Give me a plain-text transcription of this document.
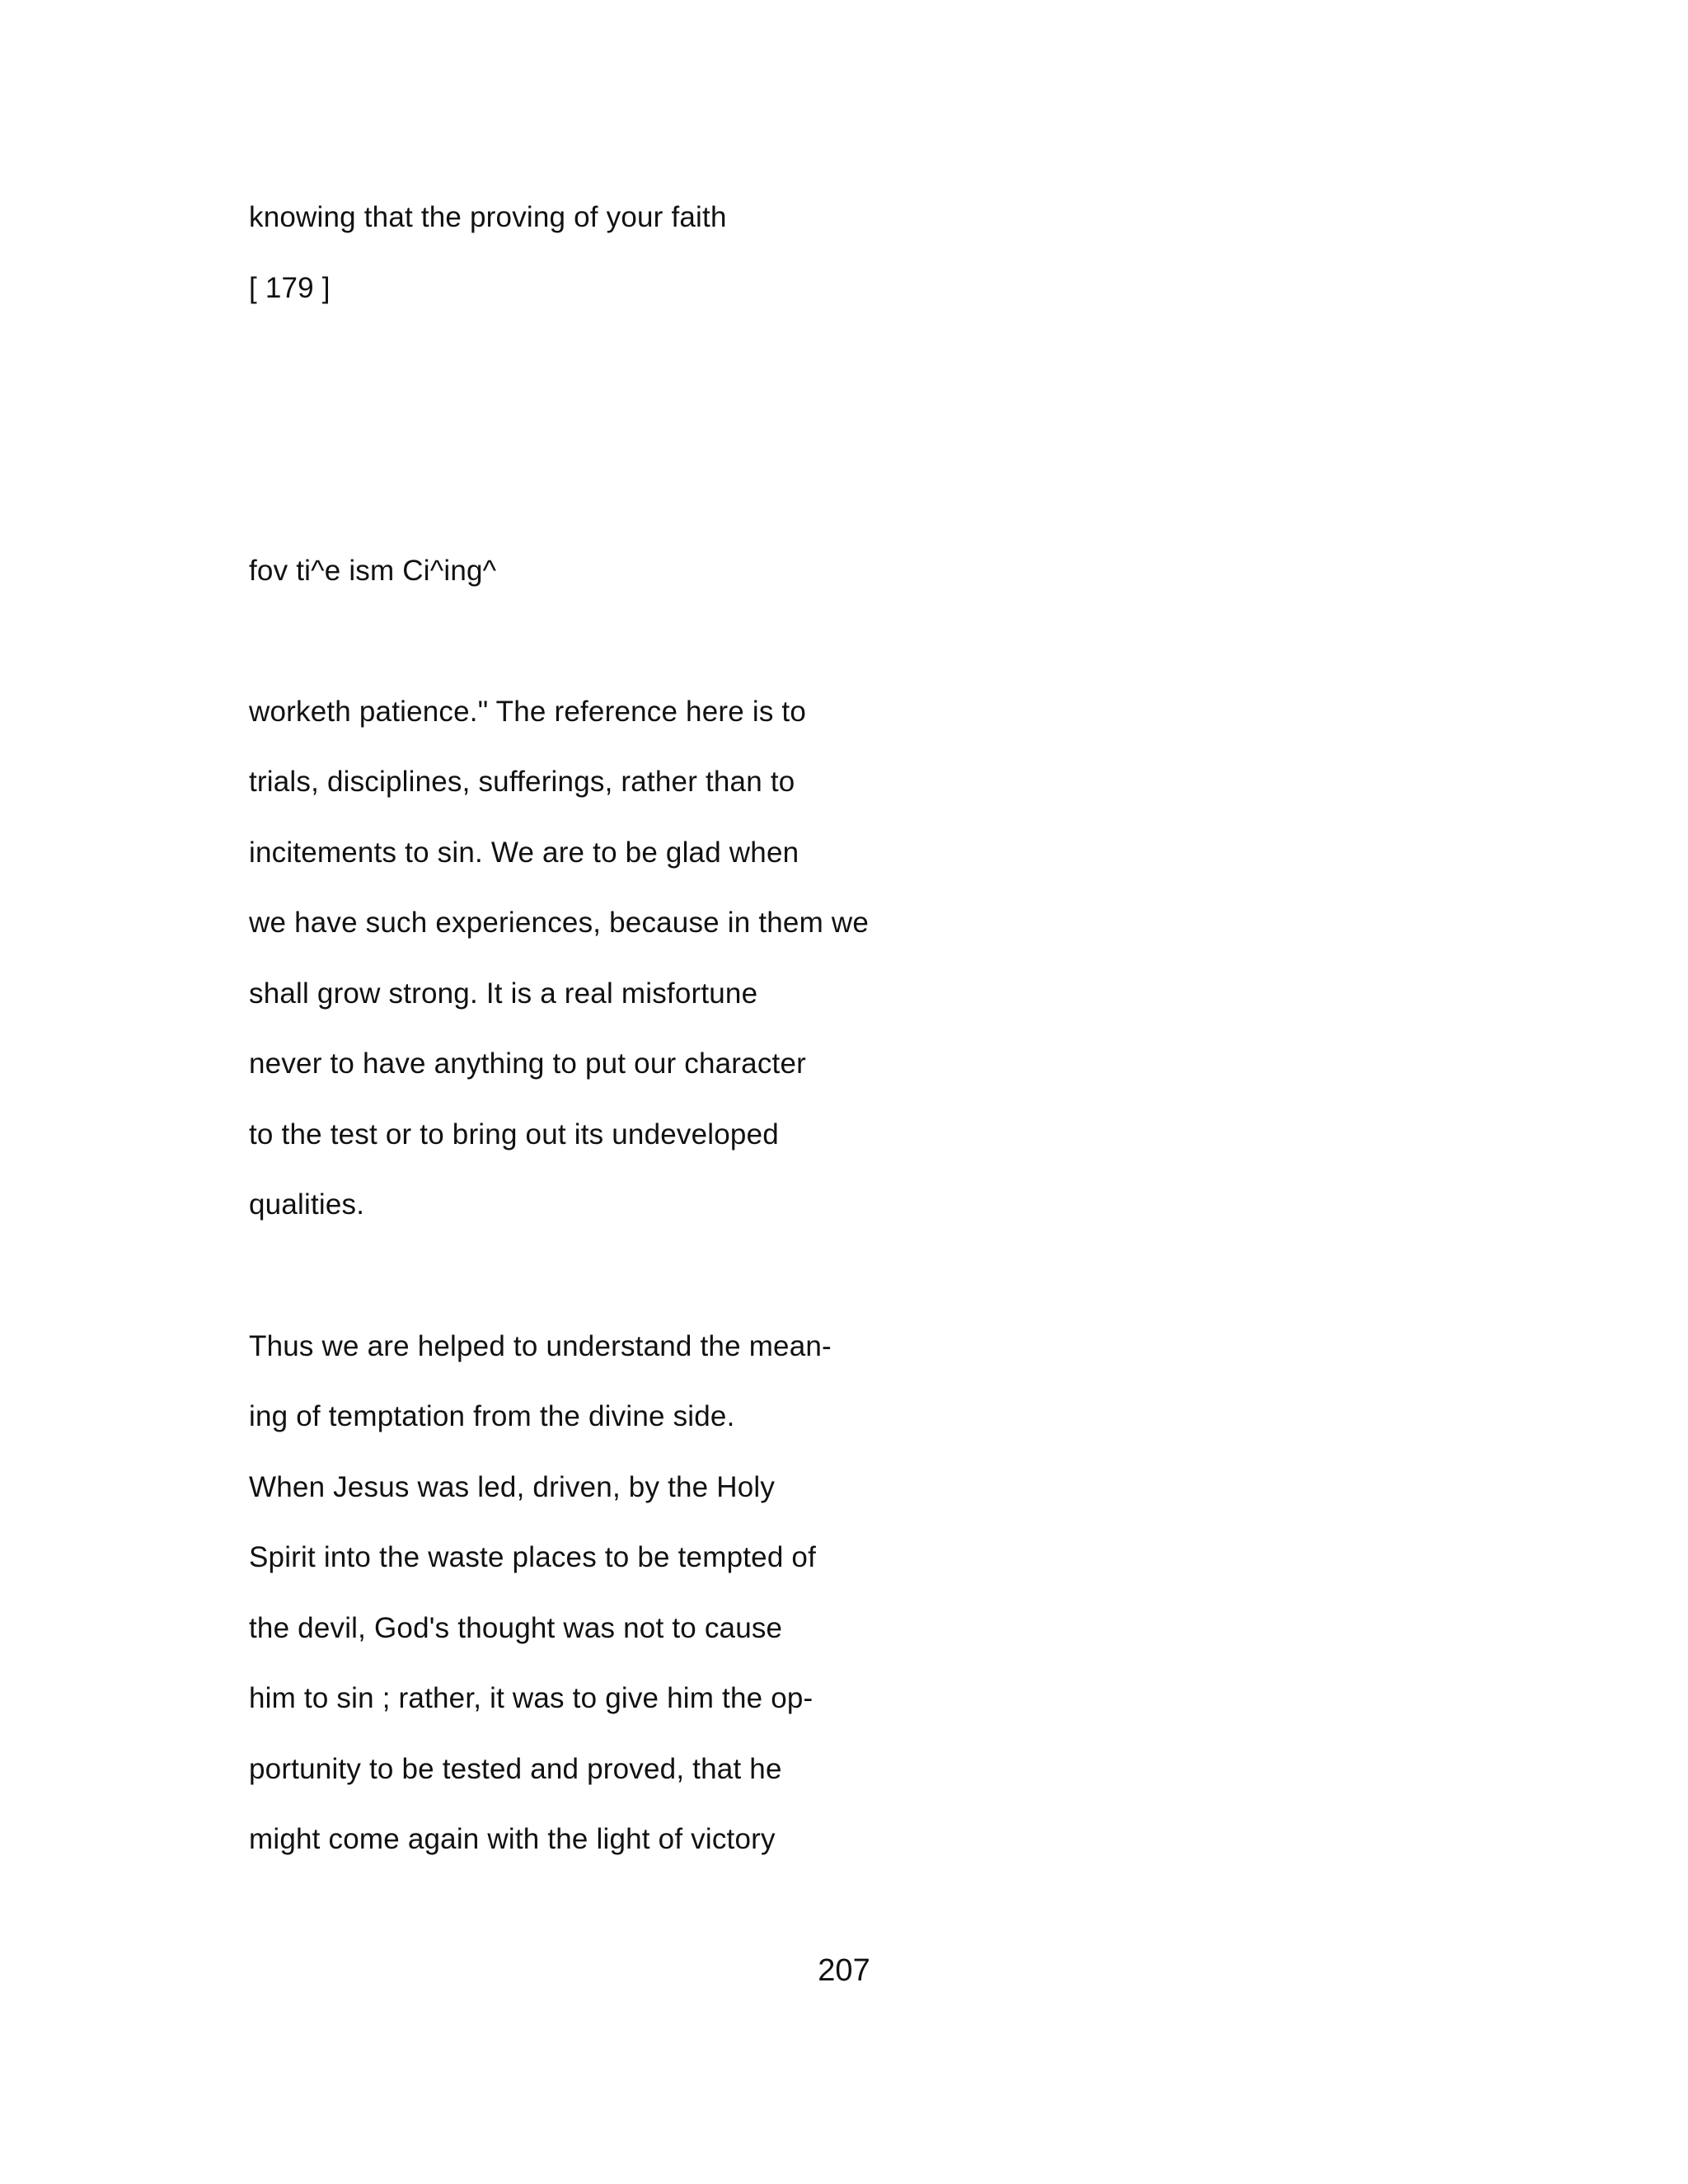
knowing that the proving of your faith
[ 179 ]
fov ti^e ism Ci^ing^
worketh patience." The reference here is to
trials, disciplines, sufferings, rather than to
incitements to sin. We are to be glad when
we have such experiences, because in them we
shall grow strong. It is a real misfortune
never to have anything to put our character
to the test or to bring out its undeveloped
qualities.
Thus we are helped to understand the mean-
ing of temptation from the divine side.
When Jesus was led, driven, by the Holy
Spirit into the waste places to be tempted of
the devil, God's thought was not to cause
him to sin ; rather, it was to give him the op-
portunity to be tested and proved, that he
might come again with the light of victory
207
